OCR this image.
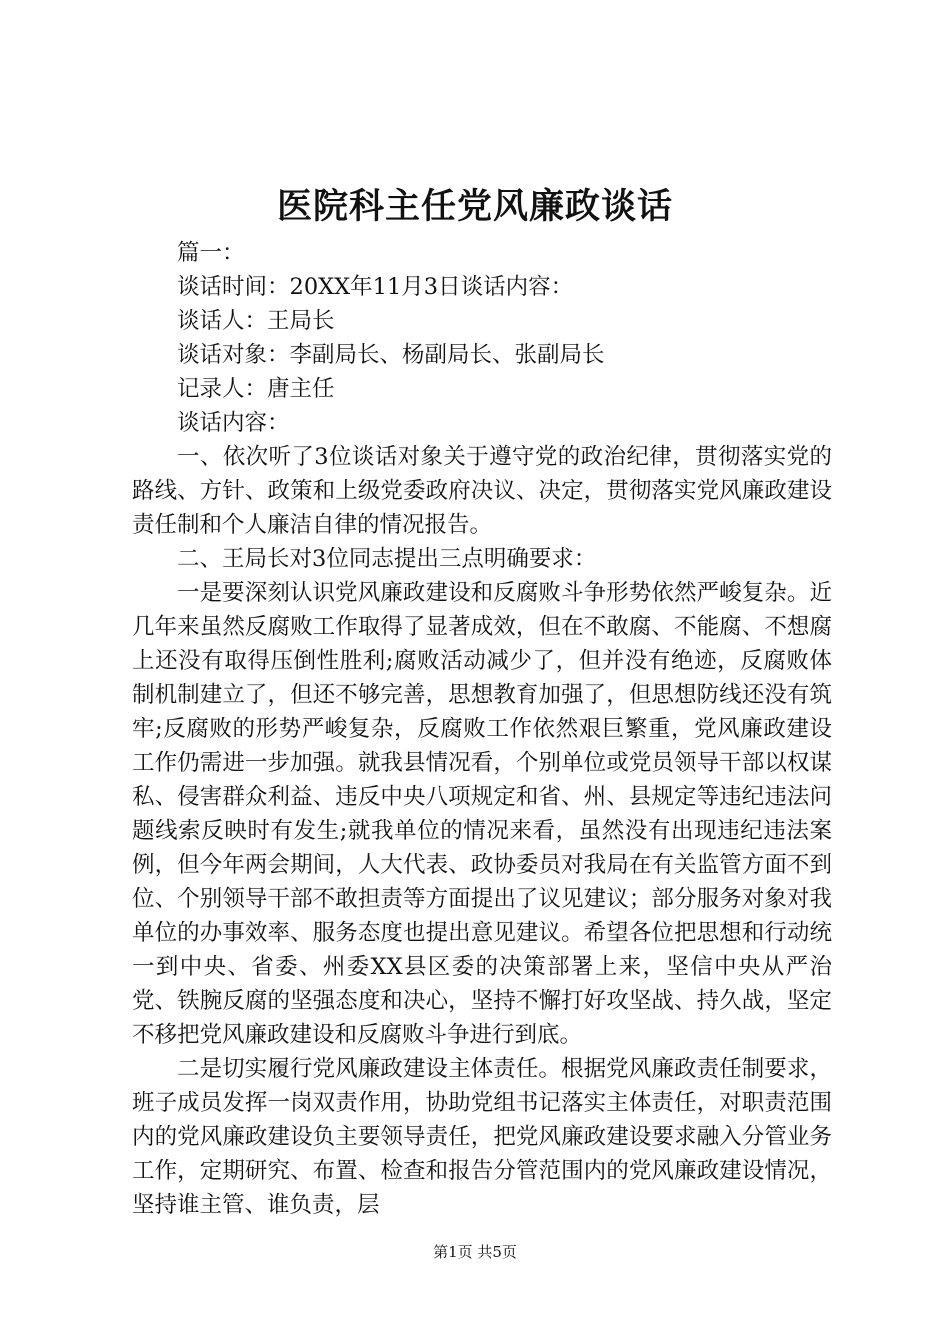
医院科主任党风廉政谈话

篇一：

谈话时间：20XX年11月3日谈话内容：

谈话人：王局长

谈话对象：李副局长、杨副局长、张副局长

记录人：唐主任

谈话内容：

一、依次听了3位谈话对象关于遵守党的政治纪律，贯彻落实党的路线、方针、政策和上级党委政府决议、决定，贯彻落实党风廉政建设责任制和个人廉洁自律的情况报告。

二、王局长对3位同志提出三点明确要求：

一是要深刻认识党风廉政建设和反腐败斗争形势依然严峻复杂。近几年来虽然反腐败工作取得了显著成效，但在不敢腐、不能腐、不想腐上还没有取得压倒性胜利;腐败活动减少了，但并没有绝迹，反腐败体制机制建立了，但还不够完善，思想教育加强了，但思想防线还没有筑牢;反腐败的形势严峻复杂，反腐败工作依然艰巨繁重，党风廉政建设工作仍需进一步加强。就我县情况看，个别单位或党员领导干部以权谋私、侵害群众利益、违反中央八项规定和省、州、县规定等违纪违法问题线索反映时有发生;就我单位的情况来看，虽然没有出现违纪违法案例，但今年两会期间，人大代表、政协委员对我局在有关监管方面不到位、个别领导干部不敢担责等方面提出了议见建议；部分服务对象对我单位的办事效率、服务态度也提出意见建议。希望各位把思想和行动统一到中央、省委、州委XX县区委的决策部署上来，坚信中央从严治党、铁腕反腐的坚强态度和决心，坚持不懈打好攻坚战、持久战，坚定不移把党风廉政建设和反腐败斗争进行到底。

二是切实履行党风廉政建设主体责任。根据党风廉政责任制要求，班子成员发挥一岗双责作用，协助党组书记落实主体责任，对职责范围内的党风廉政建设负主要领导责任，把党风廉政建设要求融入分管业务工作，定期研究、布置、检查和报告分管范围内的党风廉政建设情况，坚持谁主管、谁负责，层

第1页 共5页
